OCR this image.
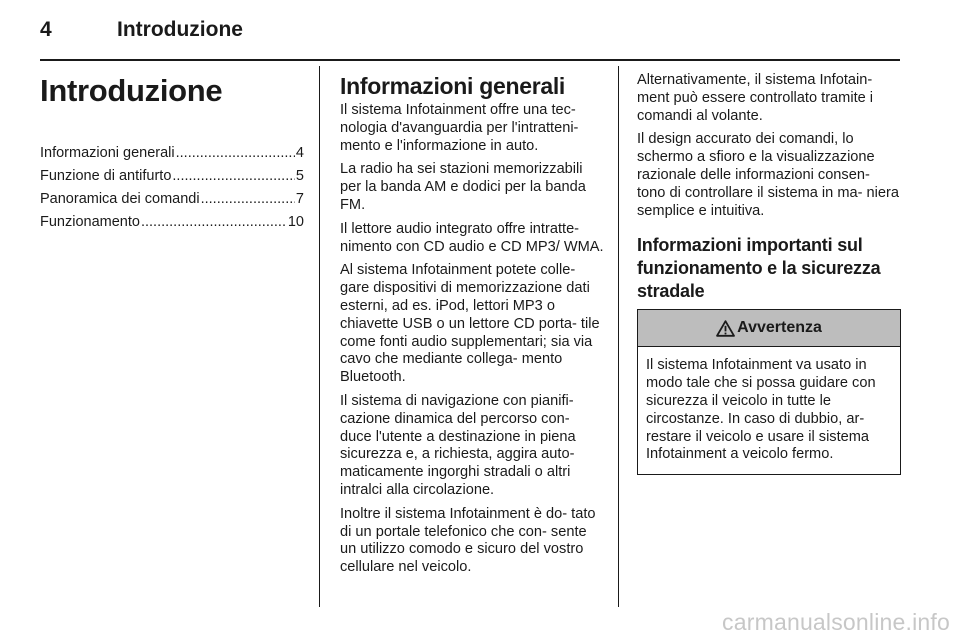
4	Introduzione
Introduzione
Informazioni generali .....	4
Funzione di antifurto .....	5
Panoramica dei comandi .....	7
Funzionamento .....	10
Informazioni generali

Il sistema Infotainment offre una tec- nologia d'avanguardia per l'intratteni- mento e l'informazione in auto.

La radio ha sei stazioni memorizzabili per la banda AM e dodici per la banda FM.

Il lettore audio integrato offre intratte- nimento con CD audio e CD MP3/ WMA.

Al sistema Infotainment potete colle- gare dispositivi di memorizzazione dati esterni, ad es. iPod, lettori MP3 o chiavette USB o un lettore CD porta- tile come fonti audio supplementari; sia via cavo che mediante collega- mento Bluetooth.

Il sistema di navigazione con pianifi- cazione dinamica del percorso con- duce l'utente a destinazione in piena sicurezza e, a richiesta, aggira auto- maticamente ingorghi stradali o altri intralci alla circolazione.

Inoltre il sistema Infotainment è do- tato di un portale telefonico che con- sente un utilizzo comodo e sicuro del vostro cellulare nel veicolo.

Alternativamente, il sistema Infotain- ment può essere controllato tramite i comandi al volante.

Il design accurato dei comandi, lo schermo a sfioro e la visualizzazione razionale delle informazioni consen- tono di controllare il sistema in ma- niera semplice e intuitiva.

Informazioni importanti sul funzionamento e la sicurezza stradale
Avvertenza
Il sistema Infotainment va usato in modo tale che si possa guidare con sicurezza il veicolo in tutte le circostanze. In caso di dubbio, ar- restare il veicolo e usare il sistema Infotainment a veicolo fermo.
carmanualsonline.info
